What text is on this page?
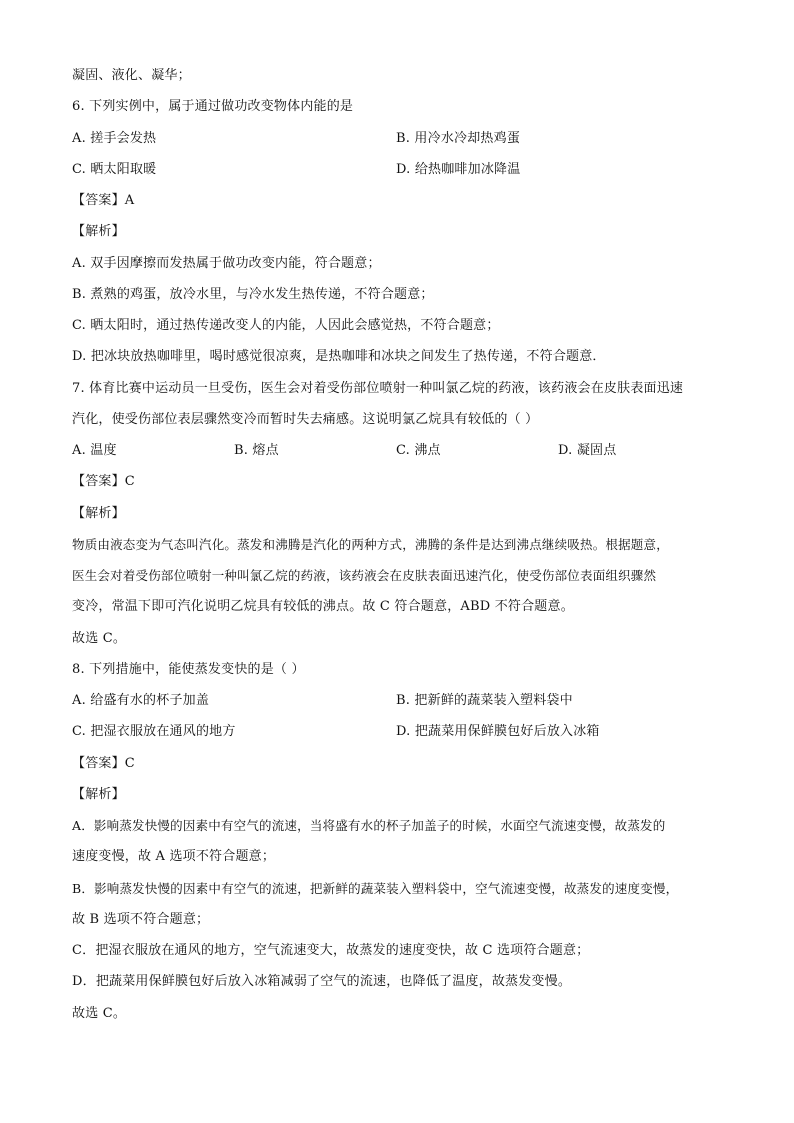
凝固、液化、凝华；
6. 下列实例中，属于通过做功改变物体内能的是
A. 搓手会发热	B. 用冷水冷却热鸡蛋
C. 晒太阳取暖	D. 给热咖啡加冰降温
【答案】A
【解析】
A. 双手因摩擦而发热属于做功改变内能，符合题意；
B. 煮熟的鸡蛋，放冷水里，与冷水发生热传递，不符合题意；
C. 晒太阳时，通过热传递改变人的内能，人因此会感觉热，不符合题意；
D. 把冰块放热咖啡里，喝时感觉很凉爽，是热咖啡和冰块之间发生了热传递，不符合题意．
7. 体育比赛中运动员一旦受伤，医生会对着受伤部位喷射一种叫氯乙烷的药液，该药液会在皮肤表面迅速
汽化，使受伤部位表层骤然变冷而暂时失去痛感。这说明氯乙烷具有较低的（ ）
A. 温度	B. 熔点	C. 沸点	D. 凝固点
【答案】C
【解析】
物质由液态变为气态叫汽化。蒸发和沸腾是汽化的两种方式，沸腾的条件是达到沸点继续吸热。根据题意，
医生会对着受伤部位喷射一种叫氯乙烷的药液，该药液会在皮肤表面迅速汽化，使受伤部位表面组织骤然
变冷，常温下即可汽化说明乙烷具有较低的沸点。故 C 符合题意，ABD 不符合题意。
故选 C。
8. 下列措施中，能使蒸发变快的是（ ）
A. 给盛有水的杯子加盖	B. 把新鲜的蔬菜装入塑料袋中
C. 把湿衣服放在通风的地方	D. 把蔬菜用保鲜膜包好后放入冰箱
【答案】C
【解析】
A．影响蒸发快慢的因素中有空气的流速，当将盛有水的杯子加盖子的时候，水面空气流速变慢，故蒸发的
速度变慢，故 A 选项不符合题意；
B．影响蒸发快慢的因素中有空气的流速，把新鲜的蔬菜装入塑料袋中，空气流速变慢，故蒸发的速度变慢，
故 B 选项不符合题意；
C．把湿衣服放在通风的地方，空气流速变大，故蒸发的速度变快，故 C 选项符合题意；
D．把蔬菜用保鲜膜包好后放入冰箱减弱了空气的流速，也降低了温度，故蒸发变慢。
故选 C。
